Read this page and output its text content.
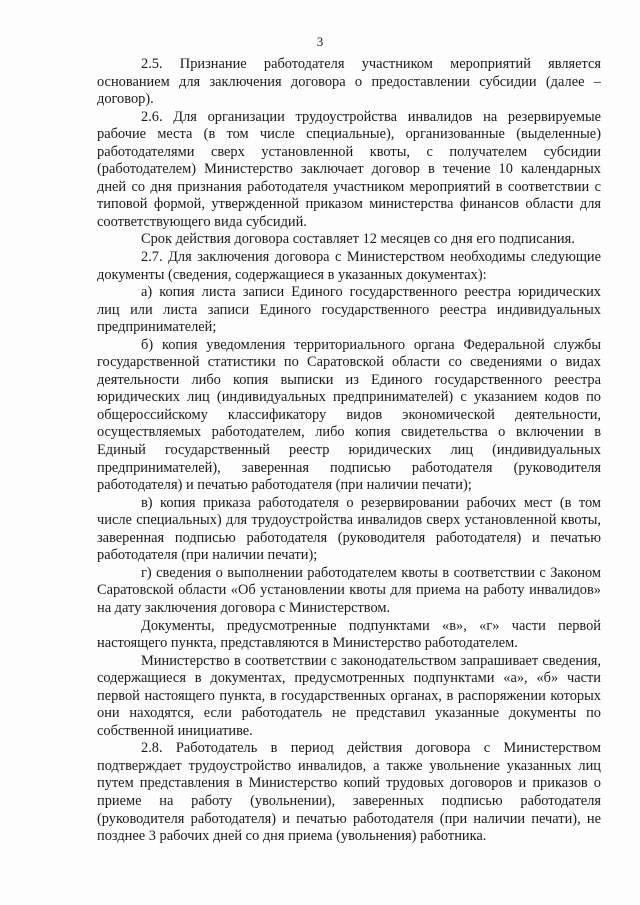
3

2.5. Признание работодателя участником мероприятий является основанием для заключения договора о предоставлении субсидии (далее – договор).

2.6. Для организации трудоустройства инвалидов на резервируемые рабочие места (в том числе специальные), организованные (выделенные) работодателями сверх установленной квоты, с получателем субсидии (работодателем) Министерство заключает договор в течение 10 календарных дней со дня признания работодателя участником мероприятий в соответствии с типовой формой, утвержденной приказом министерства финансов области для соответствующего вида субсидий.

Срок действия договора составляет 12 месяцев со дня его подписания.

2.7. Для заключения договора с Министерством необходимы следующие документы (сведения, содержащиеся в указанных документах):

а) копия листа записи Единого государственного реестра юридических лиц или листа записи Единого государственного реестра индивидуальных предпринимателей;

б) копия уведомления территориального органа Федеральной службы государственной статистики по Саратовской области со сведениями о видах деятельности либо копия выписки из Единого государственного реестра юридических лиц (индивидуальных предпринимателей) с указанием кодов по общероссийскому классификатору видов экономической деятельности, осуществляемых работодателем, либо копия свидетельства о включении в Единый государственный реестр юридических лиц (индивидуальных предпринимателей), заверенная подписью работодателя (руководителя работодателя) и печатью работодателя (при наличии печати);

в) копия приказа работодателя о резервировании рабочих мест (в том числе специальных) для трудоустройства инвалидов сверх установленной квоты, заверенная подписью работодателя (руководителя работодателя) и печатью работодателя (при наличии печати);

г) сведения о выполнении работодателем квоты в соответствии с Законом Саратовской области «Об установлении квоты для приема на работу инвалидов» на дату заключения договора с Министерством.

Документы, предусмотренные подпунктами «в», «г» части первой настоящего пункта, представляются в Министерство работодателем.

Министерство в соответствии с законодательством запрашивает сведения, содержащиеся в документах, предусмотренных подпунктами «а», «б» части первой настоящего пункта, в государственных органах, в распоряжении которых они находятся, если работодатель не представил указанные документы по собственной инициативе.

2.8. Работодатель в период действия договора с Министерством подтверждает трудоустройство инвалидов, а также увольнение указанных лиц путем представления в Министерство копий трудовых договоров и приказов о приеме на работу (увольнении), заверенных подписью работодателя (руководителя работодателя) и печатью работодателя (при наличии печати), не позднее 3 рабочих дней со дня приема (увольнения) работника.
